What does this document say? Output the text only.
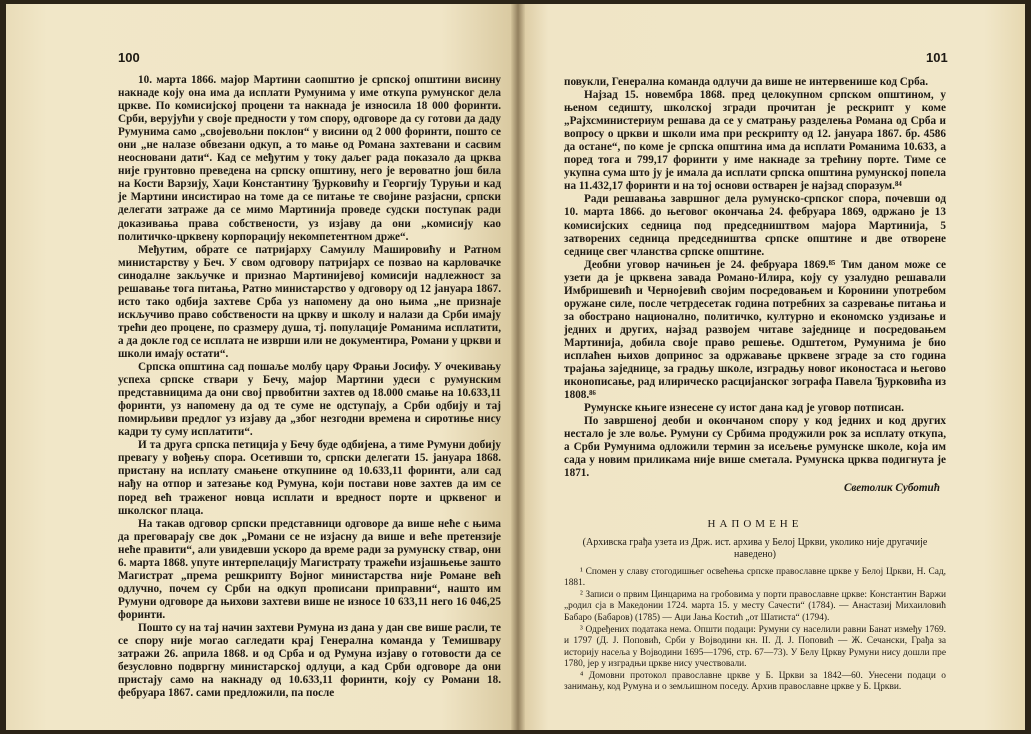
100

10. марта 1866. мајор Мартини саопштио је српској општини висину накнаде коју она има да исплати Румунима у име откупа румунског дела цркве. По комисијској процени та накнада је износила 18 000 форинти. Срби, верујући у своје предности у том спору, одговоре да су готови да даду Румунима само „својевољни поклон“ у висини од 2 000 форинти, пошто се они „не налазе обвезани одкуп, а то мање од Романа захтевани и сасвим неосновани дати“. Кад се међутим у току даљег рада показало да црква није грунтовно преведена на српску општину, него је вероватно још била на Кости Варзију, Хаџи Константину Ђурковићу и Георгију Туруњи и кад је Мартини инсистирао на томе да се питање те својине разјасни, српски делегати затраже да се мимо Мартинија проведе судски поступак ради доказивања права собствености, уз изјаву да они „комисију као политичко-црквену корпорацију некомпетентном држе“.

Међутим, обрате се патријарху Самуилу Машировићу и Ратном министарству у Беч. У свом одговору патријарх се позвао на карловачке синодалне закључке и признао Мартинијевој комисији надлежност за решавање тога питања, Ратно министарство у одговору од 12 јануара 1867. исто тако одбија захтеве Срба уз напомену да оно њима „не признаје искључиво право собствености на цркву и школу и налази да Срби имају трећи део процене, по сразмеру душа, тј. популације Романима исплатити, а да докле год се исплата не изврши или не документира, Романи у цркви и школи имају остати“.

Српска општина сад пошаље молбу цару Фрањи Јосифу. У очекивању успеха српске ствари у Бечу, мајор Мартини удеси с румунским представницима да они свој првобитни захтев од 18.000 смање на 10.633,11 форинти, уз напомену да од те суме не одступају, а Срби одбију и тај помирљиви предлог уз изјаву да „због незгодни времена и сиротиње нису кадри ту суму исплатити“.

И та друга српска петиција у Бечу буде одбијена, а тиме Румуни добију превагу у вођењу спора. Осетивши то, српски делегати 15. јануара 1868. пристану на исплату смањене откупнине од 10.633,11 форинти, али сад нађу на отпор и затезање код Румуна, који постави нове захтев да им се поред већ траженог новца исплати и вредност порте и црквеног и школског плаца.

На такав одговор српски представници одговоре да више неће с њима да преговарају све док „Романи се не изјасну да више и веће претензије неће правити“, али увидевши ускоро да време ради за румунску ствар, они 6. марта 1868. упуте интерпелацију Магистрату тражећи изјашњење зашто Магистрат „према решкрипту Војног министарства није Романе већ одлучно, почем су Срби на одкуп прописани приправни“, нашто им Румуни одговоре да њихови захтеви више не износе 10 633,11 него 16 046,25 форинти.

Пошто су на тај начин захтеви Румуна из дана у дан све више расли, те се спору није могао сагледати крај Генерална команда у Темишвару затражи 26. априла 1868. и од Срба и од Румуна изјаву о готовости да се безусловно подвргну министарској одлуци, а кад Срби одговоре да они пристају само на накнаду од 10.633,11 форинти, коју су Романи 18. фебруара 1867. сами предложили, па после

101

повукли, Генерална команда одлучи да више не интервенише код Срба.

Најзад 15. новембра 1868. пред целокупном српском општином, у њеном седишту, школској згради прочитан је рескрипт у коме „Рајхсминистериум решава да се у сматрању разделења Романа од Срба и вопросу о цркви и школи има при рескрипту од 12. јануара 1867. бр. 4586 да остане“, по коме је српска општина има да исплати Романима 10.633, а поред тога и 799,17 форинти у име накнаде за трећину порте. Тиме се укупна сума што ју је имала да исплати српска општина румунској попела на 11.432,17 форинти и на тој основи остварен је најзад споразум.⁸⁴

Ради решавања завршног дела румунско-српског спора, почевши од 10. марта 1866. до његовог окончања 24. фебруара 1869, одржано је 13 комисијских седница под председништвом мајора Мартинија, 5 затворених седница председништва српске општине и две отворене седнице свег чланства српске општине.

Деобни уговор начињен је 24. фебруара 1869.⁸⁵ Тим даном може се узети да је црквена завада Романо-Илира, коју су узалудно решавали Имбришевић и Черноjевић својим посредовањем и Коронини употребом оружане силе, после четрдесетак година потребних за сазревање питања и за обострано национално, политичко, културно и економско уздизање и једних и других, најзад развојем читаве заједнице и посредовањем Мартинија, добила своје право решење. Одштетом, Румунима је био исплаћен њихов допринос за одржавање црквене зграде за сто година трајања заједнице, за градњу школе, изградњу новог иконостаса и његово иконописање, рад илирическо расцијанског зографа Павела Ђурковића из 1808.⁸⁶

Румунске књиге изнесене су истог дана кад је уговор потписан.

По завршеној деоби и окончаном спору у код једних и код других нестало је зле воље. Румуни су Србима продужили рок за исплату откупа, а Срби Румунима одложили термин за исељење румунске школе, која им сада у новим приликама није више сметала. Румунска црква подигнута је 1871.

Светолик Суботић
НАПОМЕНЕ
(Архивска грађа узета из Држ. ист. архива у Белој Цркви, уколико није другачије наведено)

¹ Спомен у славу стогодишњег освећења српске православне цркве у Белој Цркви, Н. Сад, 1881.

² Записи о првим Цинцарима на гробовима у порти православне цркве: Константин Варжи „родил сја в Македонии 1724. марта 15. у месту Сачести“ (1784). — Анастазиј Михаиловић Бабаро (Бабаров) (1785) — Аџи Јања Костић „от Шатиста“ (1794).

³ Одређених података нема. Општи подаци: Румуни су населили равни Банат између 1769. и 1797 (Д. Ј. Поповић, Срби у Војводини кн. II. Д. Ј. Поповић — Ж. Сечански, Грађа за историју насеља у Војводини 1695—1796, стр. 67—73). У Белу Цркву Румуни нису дошли пре 1780, јер у изградњи цркве нису учествовали.

⁴ Домовни протокол православне цркве у Б. Цркви за 1842—60. Унесени подаци о занимању, код Румуна и о земљишном поседу. Архив православне цркве у Б. Цркви.
